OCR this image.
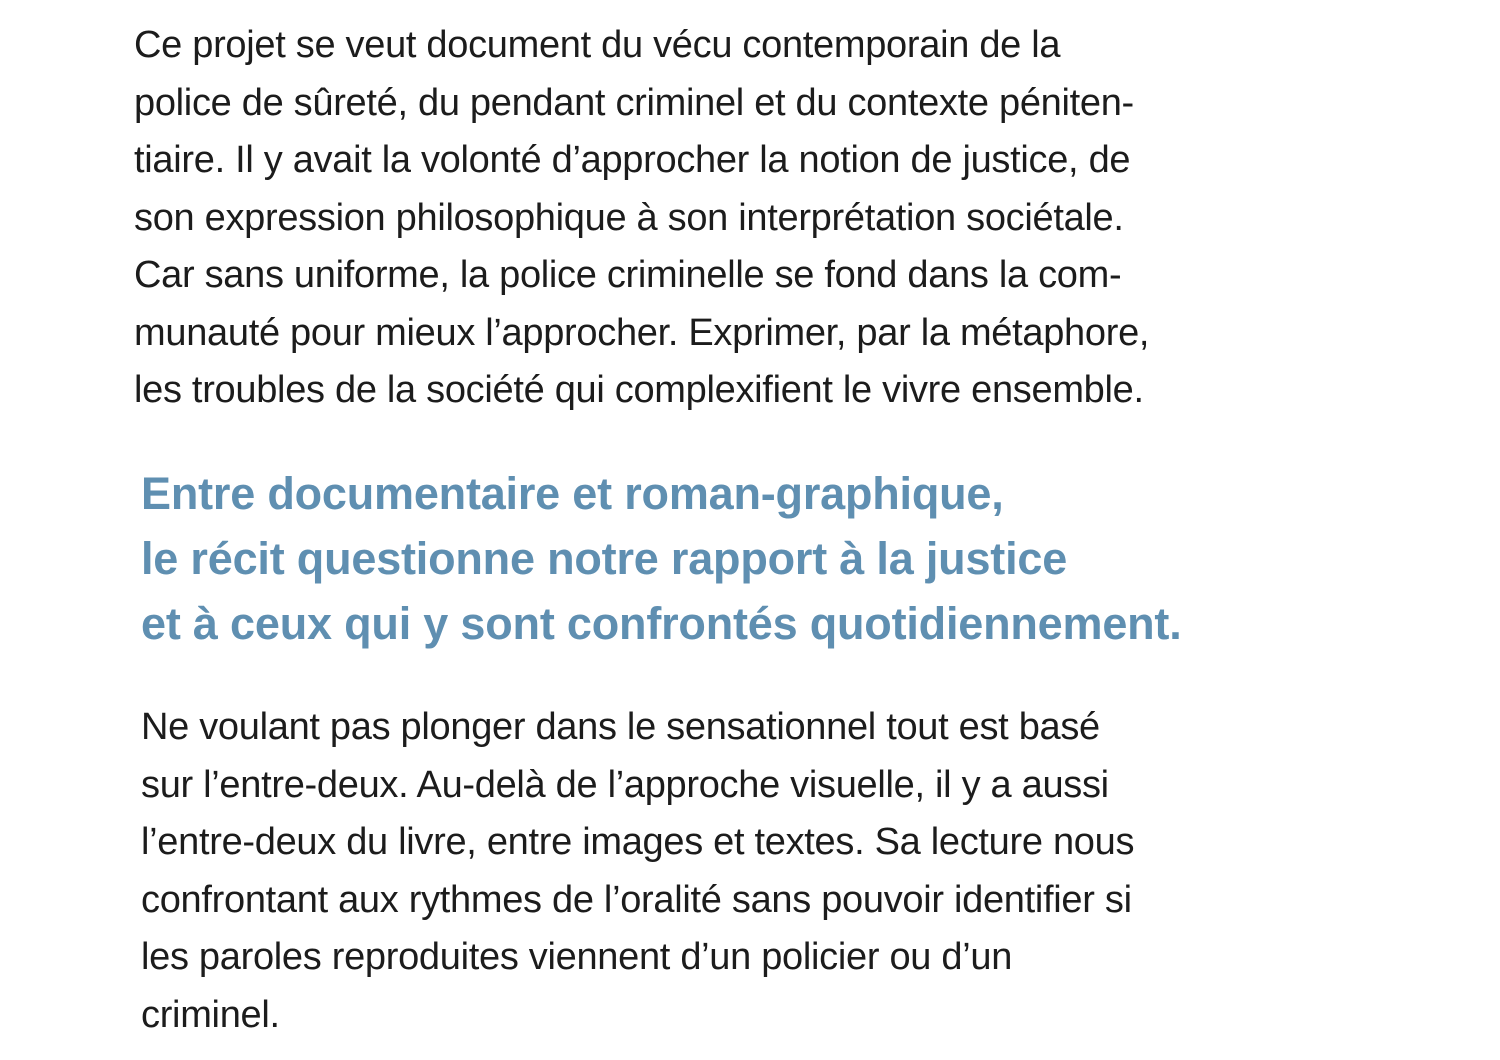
Ce projet se veut document du vécu contemporain de la
police de sûreté, du pendant criminel et du contexte péniten-
tiaire. Il y avait la volonté d’approcher la notion de justice, de
son expression philosophique à son interprétation sociétale.
Car sans uniforme, la police criminelle se fond dans la com-
munauté pour mieux l’approcher. Exprimer, par la métaphore,
les troubles de la société qui complexifient le vivre ensemble.

Entre documentaire et roman-graphique,
le récit questionne notre rapport à la justice
et à ceux qui y sont confrontés quotidiennement.

Ne voulant pas plonger dans le sensationnel tout est basé
sur l’entre-deux. Au-delà de l’approche visuelle, il y a aussi
l’entre-deux du livre, entre images et textes. Sa lecture nous
confrontant aux rythmes de l’oralité sans pouvoir identifier si
les paroles reproduites viennent d’un policier ou d’un
criminel.
